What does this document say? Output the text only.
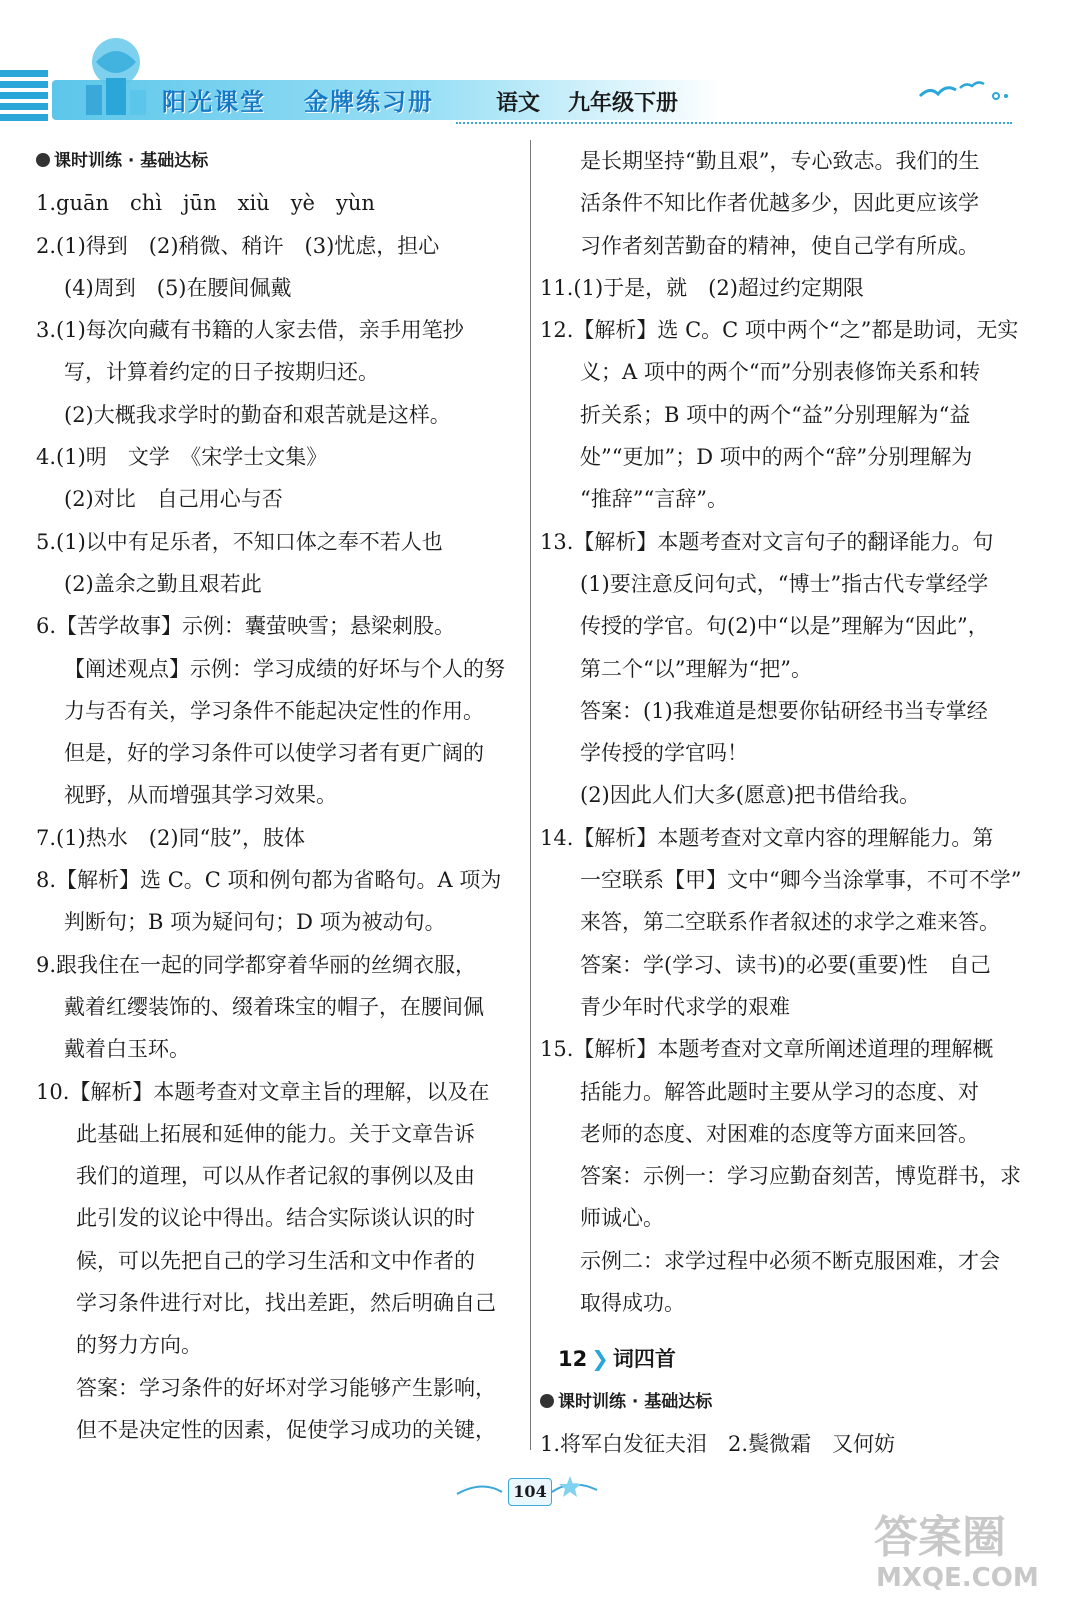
阳光课堂 金牌练习册	语文 九年级下册
课时训练 · 基础达标
1.guān　chì　jūn　xiù　yè　yùn
2.(1)得到　(2)稍微、稍许　(3)忧虑，担心
(4)周到　(5)在腰间佩戴
3.(1)每次向藏有书籍的人家去借，亲手用笔抄
写，计算着约定的日子按期归还。
(2)大概我求学时的勤奋和艰苦就是这样。
4.(1)明　文学　《宋学士文集》
(2)对比　自己用心与否
5.(1)以中有足乐者，不知口体之奉不若人也
(2)盖余之勤且艰若此
6.【苦学故事】示例：囊萤映雪；悬梁刺股。
【阐述观点】示例：学习成绩的好坏与个人的努
力与否有关，学习条件不能起决定性的作用。
但是，好的学习条件可以使学习者有更广阔的
视野，从而增强其学习效果。
7.(1)热水　(2)同“肢”，肢体
8.【解析】选 C。C 项和例句都为省略句。A 项为
判断句；B 项为疑问句；D 项为被动句。
9.跟我住在一起的同学都穿着华丽的丝绸衣服，
戴着红缨装饰的、缀着珠宝的帽子，在腰间佩
戴着白玉环。
10.【解析】本题考查对文章主旨的理解，以及在
此基础上拓展和延伸的能力。关于文章告诉
我们的道理，可以从作者记叙的事例以及由
此引发的议论中得出。结合实际谈认识的时
候，可以先把自己的学习生活和文中作者的
学习条件进行对比，找出差距，然后明确自己
的努力方向。
答案：学习条件的好坏对学习能够产生影响，
但不是决定性的因素，促使学习成功的关键，
是长期坚持“勤且艰”，专心致志。我们的生
活条件不知比作者优越多少，因此更应该学
习作者刻苦勤奋的精神，使自己学有所成。
11.(1)于是，就　(2)超过约定期限
12.【解析】选 C。C 项中两个“之”都是助词，无实
义；A 项中的两个“而”分别表修饰关系和转
折关系；B 项中的两个“益”分别理解为“益
处”“更加”；D 项中的两个“辞”分别理解为
“推辞”“言辞”。
13.【解析】本题考查对文言句子的翻译能力。句
(1)要注意反问句式，“博士”指古代专掌经学
传授的学官。句(2)中“以是”理解为“因此”，
第二个“以”理解为“把”。
答案：(1)我难道是想要你钻研经书当专掌经
学传授的学官吗！
(2)因此人们大多(愿意)把书借给我。
14.【解析】本题考查对文章内容的理解能力。第
一空联系【甲】文中“卿今当涂掌事，不可不学”
来答，第二空联系作者叙述的求学之难来答。
答案：学(学习、读书)的必要(重要)性　自己
青少年时代求学的艰难
15.【解析】本题考查对文章所阐述道理的理解概
括能力。解答此题时主要从学习的态度、对
老师的态度、对困难的态度等方面来回答。
答案：示例一：学习应勤奋刻苦，博览群书，求
师诚心。
示例二：求学过程中必须不断克服困难，才会
取得成功。
12 ❯ 词四首
课时训练 · 基础达标
1.将军白发征夫泪　2.鬓微霜　又何妨
104
答案圈
MXQE.COM
